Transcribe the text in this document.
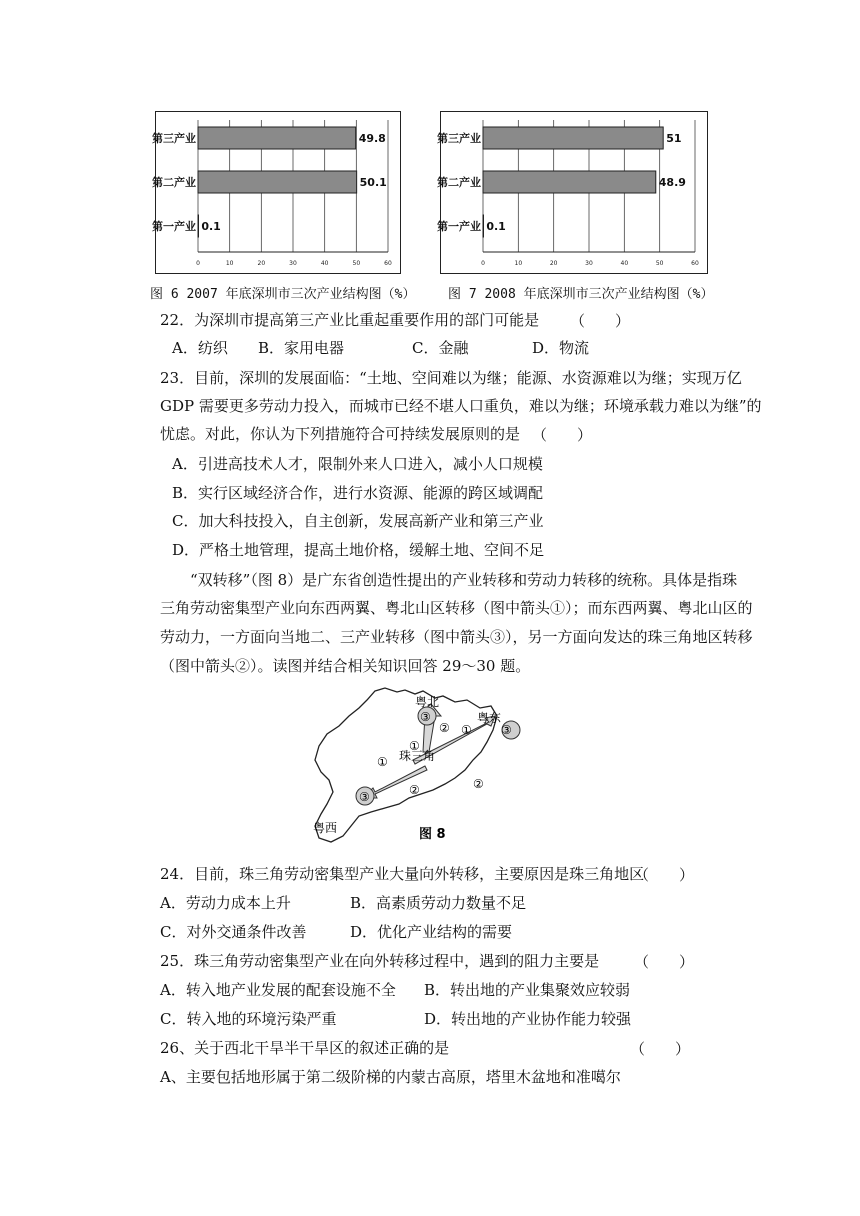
0	10	20	30	40	50	60
第三产业	49.8
第二产业	50.1
第一产业 0.1
0	10	20	30	40	50	60
第三产业	51
第二产业	48.9
第一产业 0.1
图 6 2007 年底深圳市三次产业结构图（%）	图 7 2008 年底深圳市三次产业结构图（%）
22．为深圳市提高第三产业比重起重要作用的部门可能是 （　　）
A．纺织 B．家用电器	C．金融	D．物流
23．目前，深圳的发展面临：“土地、空间难以为继；能源、水资源难以为继；实现万亿
GDP 需要更多劳动力投入，而城市已经不堪人口重负，难以为继；环境承载力难以为继”的
忧虑。对此，你认为下列措施符合可持续发展原则的是 （　　）
A．引进高技术人才，限制外来人口进入，减小人口规模
B．实行区域经济合作，进行水资源、能源的跨区域调配
C．加大科技投入，自主创新，发展高新产业和第三产业
D．严格土地管理，提高土地价格，缓解土地、空间不足
“双转移”（图 8）是广东省创造性提出的产业转移和劳动力转移的统称。具体是指珠
三角劳动密集型产业向东西两翼、粤北山区转移（图中箭头①）；而东西两翼、粤北山区的
劳动力，一方面向当地二、三产业转移（图中箭头③），另一方面向发达的珠三角地区转移
（图中箭头②）。读图并结合相关知识回答 29～30 题。
粤北
粤东
珠三角
粤西
③
②
①
① ③
②
①
③	②
图 8
24．目前，珠三角劳动密集型产业大量向外转移，主要原因是珠三角地区
（　　）
A．劳动力成本上升	B．高素质劳动力数量不足
C．对外交通条件改善	D．优化产业结构的需要
25．珠三角劳动密集型产业在向外转移过程中，遇到的阻力主要是 （　　）
A．转入地产业发展的配套设施不全 B．转出地的产业集聚效应较弱
C．转入地的环境污染严重	D．转出地的产业协作能力较强
26、关于西北干旱半干旱区的叙述正确的是	（　　）
A、主要包括地形属于第二级阶梯的内蒙古高原，塔里木盆地和准噶尔
